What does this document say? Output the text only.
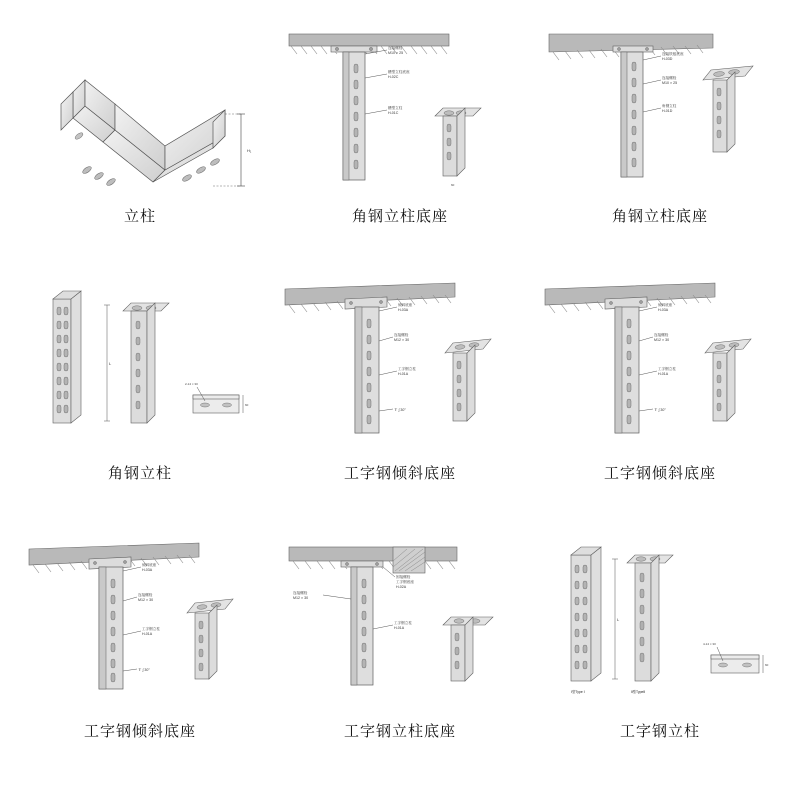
H₁
立柱
连接螺栓
M10 × 25
槽型立柱底座
H-02C
槽型立柱
H-01C
60
角钢立柱底座
连接铁板底座
H-03D
连接螺栓
M10 × 25
角钢立柱
H-01D
角钢立柱底座
L
2-14 × 30
60
角钢立柱
倾斜底座
H-03A
连接螺栓
M12 × 30
工字钢立柱
H-01A
Ｙ ʃ 30°
工字钢倾斜底座
倾斜底座
H-03A
连接螺栓
M12 × 30
工字钢立柱
H-01A
Ｙ ʃ 30°
工字钢倾斜底座
倾斜底座
H-03A
连接螺栓
M12 × 30
工字钢立柱
H-01A
Ｙ ʃ 30°
工字钢倾斜底座
固接螺栓
工字钢底座
H-02A
连接螺栓
M12 × 30
工字钢立柱
H-01A
工字钢立柱底座
L
Ⅰ型Type Ⅰ	Ⅱ型TypeⅡ
4-14 × 30
60
工字钢立柱
